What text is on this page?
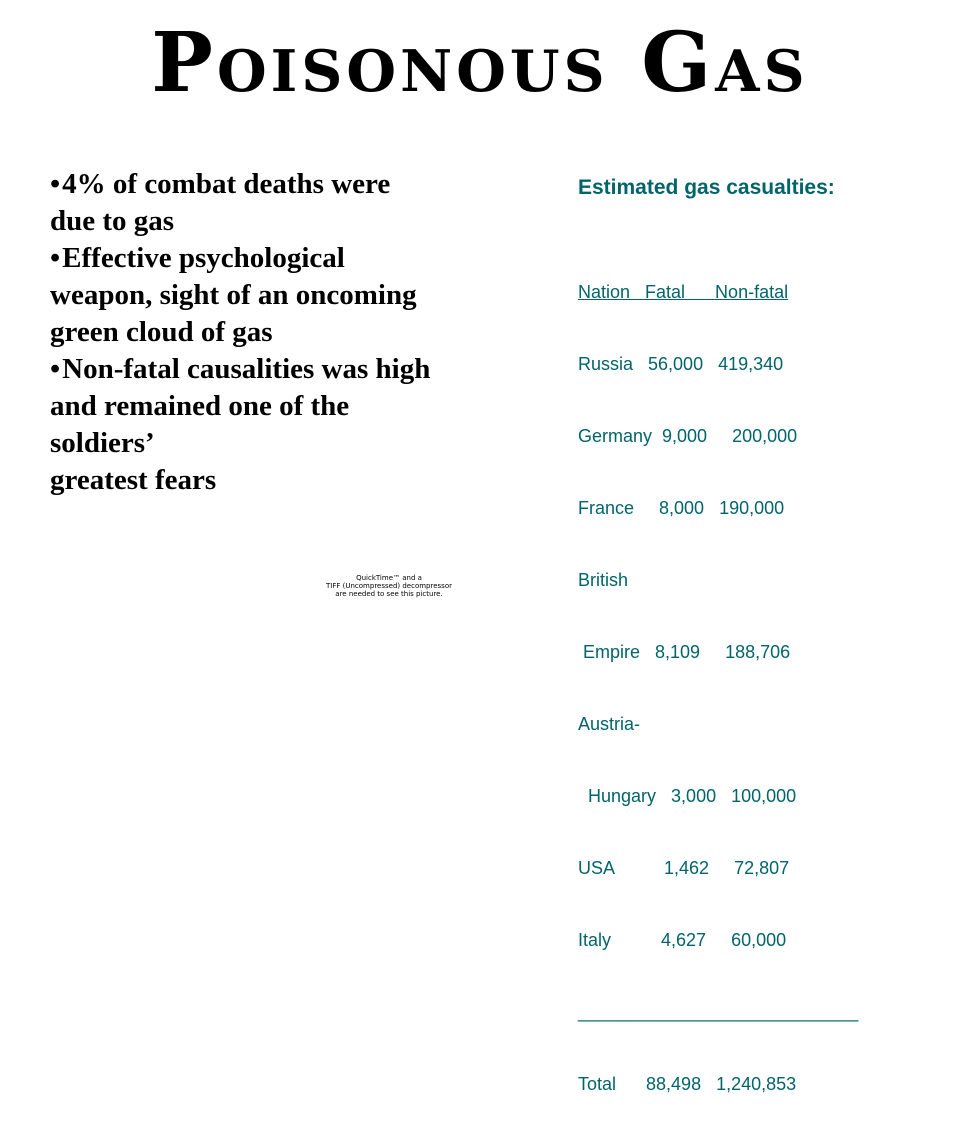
Poisonous Gas
•4% of combat deaths were
due to gas
•Effective psychological
weapon, sight of an oncoming
green cloud of gas
•Non-fatal causalities was high
and remained one of the
soldiers’
greatest fears
Estimated gas casualties:

Nation   Fatal      Non-fatal

Russia   56,000   419,340

Germany  9,000     200,000

France     8,000   190,000

British

Empire   8,109     188,706

Austria-

Hungary   3,000   100,000

USA          1,462     72,807

Italy          4,627     60,000

____________________________

Total      88,498   1,240,853

QuickTime™ and a
TIFF (Uncompressed) decompressor
are needed to see this picture.
